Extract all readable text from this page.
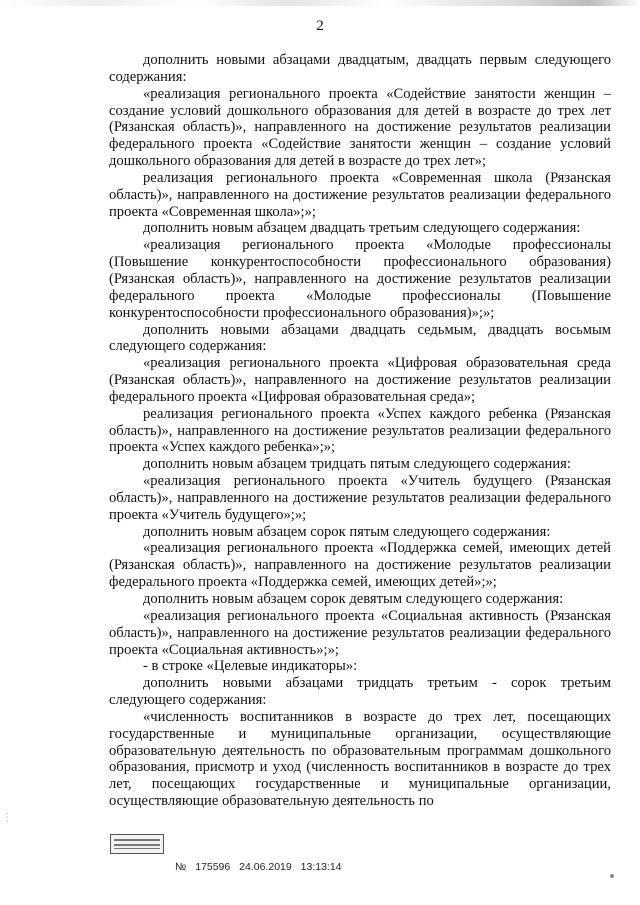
2

дополнить новыми абзацами двадцатым, двадцать первым следующего содержания:

«реализация регионального проекта «Содействие занятости женщин – создание условий дошкольного образования для детей в возрасте до трех лет (Рязанская область)», направленного на достижение результатов реализации федерального проекта «Содействие занятости женщин – создание условий дошкольного образования для детей в возрасте до трех лет»;

реализация регионального проекта «Современная школа (Рязанская область)», направленного на достижение результатов реализации федерального проекта «Современная школа»;»;

дополнить новым абзацем двадцать третьим следующего содержания:

«реализация регионального проекта «Молодые профессионалы (Повышение конкурентоспособности профессионального образования) (Рязанская область)», направленного на достижение результатов реализации федерального проекта «Молодые профессионалы (Повышение конкурентоспособности профессионального образования)»;»;

дополнить новыми абзацами двадцать седьмым, двадцать восьмым следующего содержания:

«реализация регионального проекта «Цифровая образовательная среда (Рязанская область)», направленного на достижение результатов реализации федерального проекта «Цифровая образовательная среда»;

реализация регионального проекта «Успех каждого ребенка (Рязанская область)», направленного на достижение результатов реализации федерального проекта «Успех каждого ребенка»;»;

дополнить новым абзацем тридцать пятым следующего содержания:

«реализация регионального проекта «Учитель будущего (Рязанская область)», направленного на достижение результатов реализации федерального проекта «Учитель будущего»;»;

дополнить новым абзацем сорок пятым следующего содержания:

«реализация регионального проекта «Поддержка семей, имеющих детей (Рязанская область)», направленного на достижение результатов реализации федерального проекта «Поддержка семей, имеющих детей»;»;

дополнить новым абзацем сорок девятым следующего содержания:

«реализация регионального проекта «Социальная активность (Рязанская область)», направленного на достижение результатов реализации федерального проекта «Социальная активность»;»;

- в строке «Целевые индикаторы»:

дополнить новыми абзацами тридцать третьим - сорок третьим следующего содержания:

«численность воспитанников в возрасте до трех лет, посещающих государственные и муниципальные организации, осуществляющие образовательную деятельность по образовательным программам дошкольного образования, присмотр и уход (численность воспитанников в возрасте до трех лет, посещающих государственные и муниципальные организации, осуществляющие образовательную деятельность по

⋮
№ 175596 24.06.2019 13:13:14
